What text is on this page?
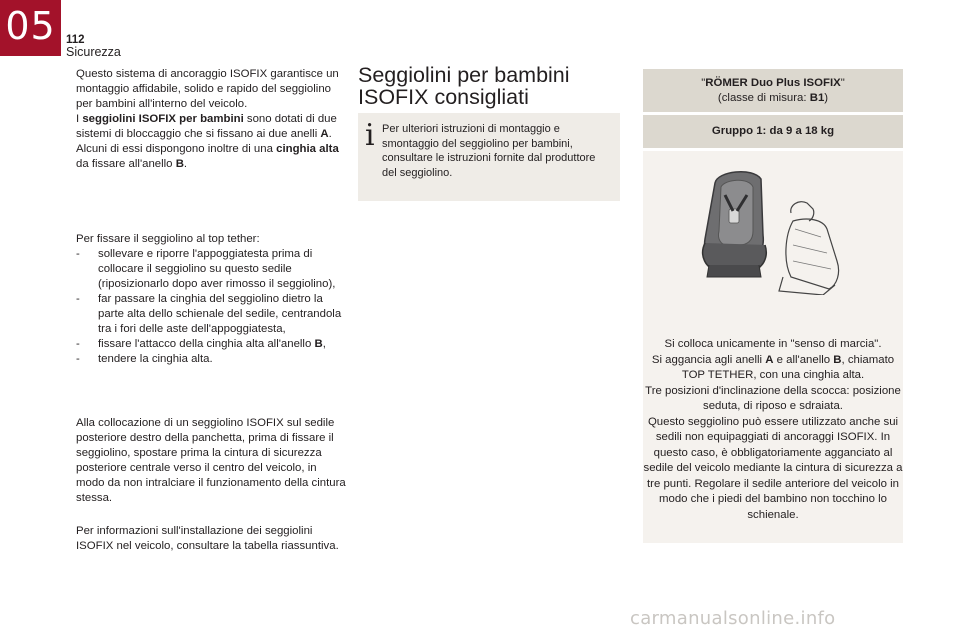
05 112
Sicurezza

Questo sistema di ancoraggio ISOFIX garantisce un montaggio affidabile, solido e rapido del seggiolino per bambini all'interno del veicolo.

I seggiolini ISOFIX per bambini sono dotati di due sistemi di bloccaggio che si fissano ai due anelli A.

Alcuni di essi dispongono inoltre di una cinghia alta da fissare all'anello B.

Per fissare il seggiolino al top tether:

- sollevare e riporre l'appoggiatesta prima di collocare il seggiolino su questo sedile (riposizionarlo dopo aver rimosso il seggiolino),
- far passare la cinghia del seggiolino dietro la parte alta dello schienale del sedile, centrandola tra i fori delle aste dell'appoggiatesta,
- fissare l'attacco della cinghia alta all'anello B,
- tendere la cinghia alta.

Alla collocazione di un seggiolino ISOFIX sul sedile posteriore destro della panchetta, prima di fissare il seggiolino, spostare prima la cintura di sicurezza posteriore centrale verso il centro del veicolo, in modo da non intralciare il funzionamento della cintura stessa.

Per informazioni sull'installazione dei seggiolini ISOFIX nel veicolo, consultare la tabella riassuntiva.

Seggiolini per bambini ISOFIX consigliati
i Per ulteriori istruzioni di montaggio e smontaggio del seggiolino per bambini, consultare le istruzioni fornite dal produttore del seggiolino.
"RÖMER Duo Plus ISOFIX"
(classe di misura: B1)
Gruppo 1: da 9 a 18 kg

Si colloca unicamente in "senso di marcia".

Si aggancia agli anelli A e all'anello B, chiamato TOP TETHER, con una cinghia alta.

Tre posizioni d'inclinazione della scocca: posizione seduta, di riposo e sdraiata.

Questo seggiolino può essere utilizzato anche sui sedili non equipaggiati di ancoraggi ISOFIX. In questo caso, è obbligatoriamente agganciato al sedile del veicolo mediante la cintura di sicurezza a tre punti. Regolare il sedile anteriore del veicolo in modo che i piedi del bambino non tocchino lo schienale.

carmanualsonline.info
